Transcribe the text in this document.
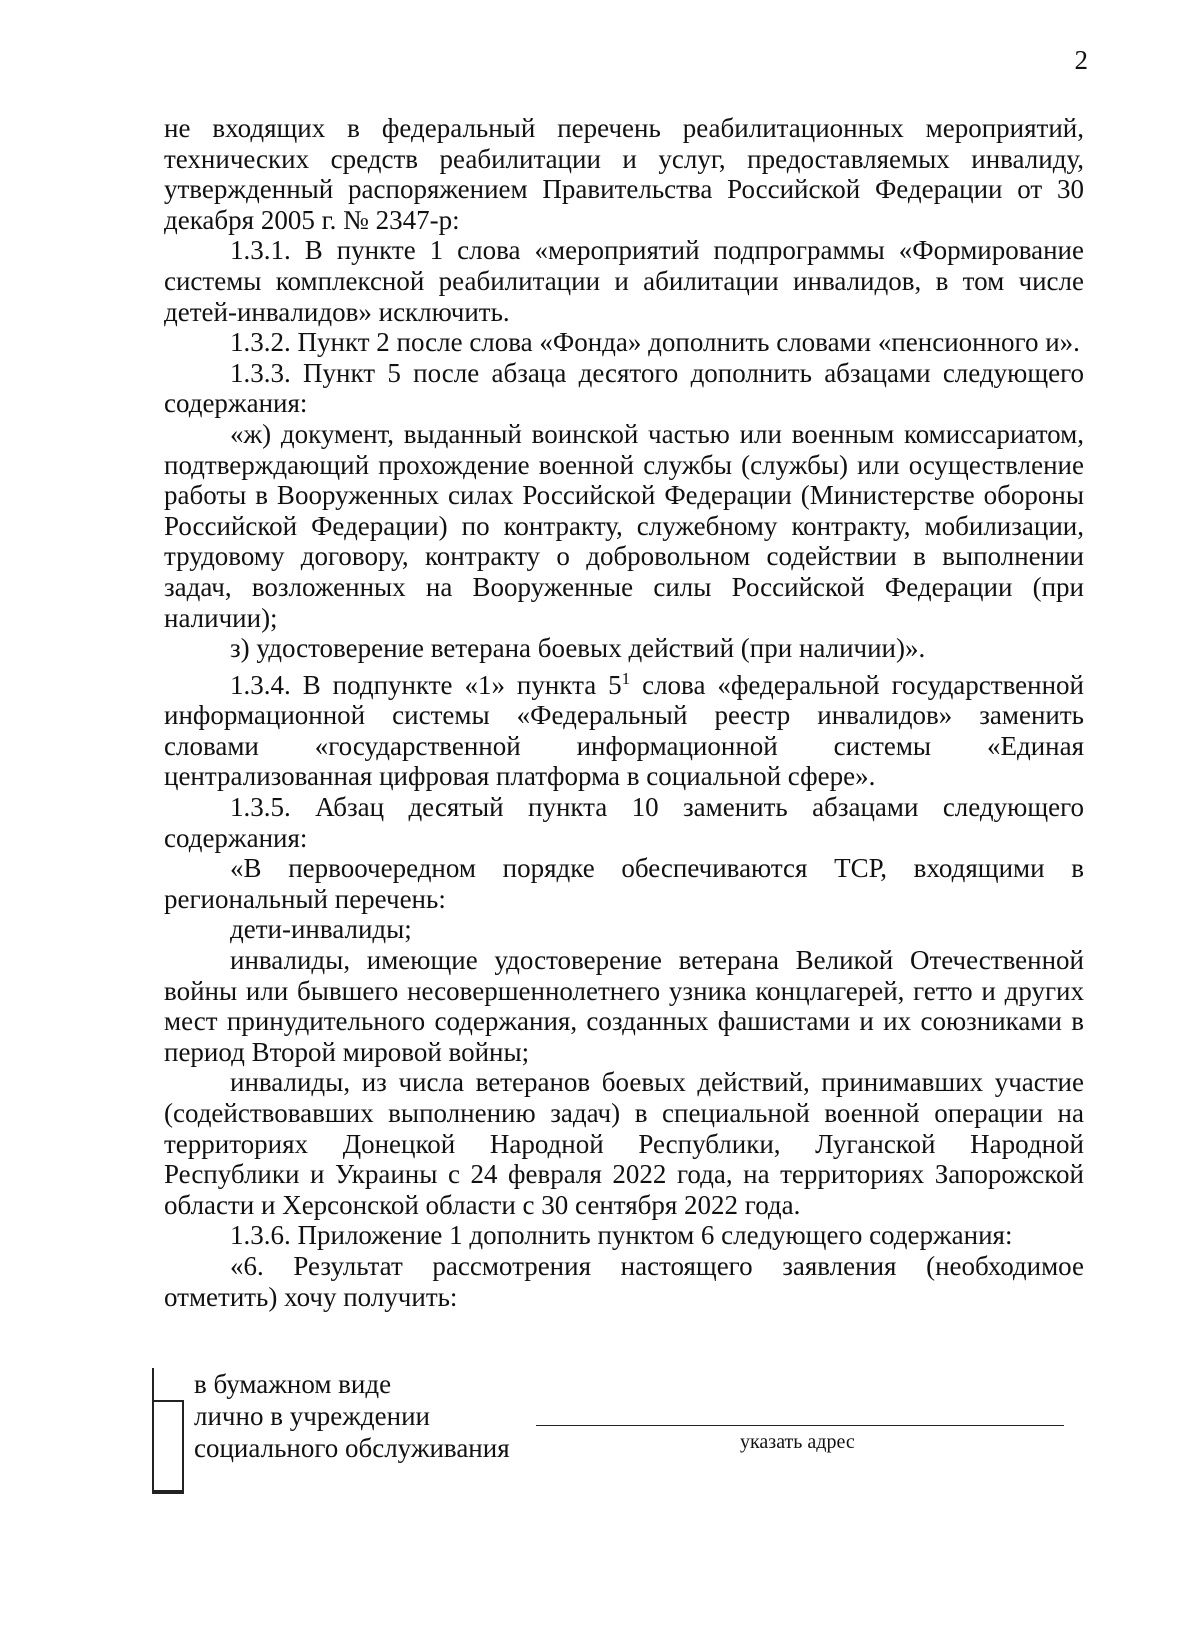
2

не входящих в федеральный перечень реабилитационных мероприятий, технических средств реабилитации и услуг, предоставляемых инвалиду, утвержденный распоряжением Правительства Российской Федерации от 30 декабря 2005 г. № 2347-р:

1.3.1. В пункте 1 слова «мероприятий подпрограммы «Формирование системы комплексной реабилитации и абилитации инвалидов, в том числе детей-инвалидов» исключить.

1.3.2. Пункт 2 после слова «Фонда» дополнить словами «пенсионного и».

1.3.3. Пункт 5 после абзаца десятого дополнить абзацами следующего содержания:

«ж) документ, выданный воинской частью или военным комиссариатом, подтверждающий прохождение военной службы (службы) или осуществление работы в Вооруженных силах Российской Федерации (Министерстве обороны Российской Федерации) по контракту, служебному контракту, мобилизации, трудовому договору, контракту о добровольном содействии в выполнении задач, возложенных на Вооруженные силы Российской Федерации (при наличии);

з) удостоверение ветерана боевых действий (при наличии)».

1.3.4. В подпункте «1» пункта $5^1$ слова «федеральной государственной информационной системы «Федеральный реестр инвалидов» заменить словами «государственной информационной системы «Единая централизованная цифровая платформа в социальной сфере».

1.3.5. Абзац десятый пункта 10 заменить абзацами следующего содержания:

«В первоочередном порядке обеспечиваются ТСР, входящими в региональный перечень:

дети-инвалиды;

инвалиды, имеющие удостоверение ветерана Великой Отечественной войны или бывшего несовершеннолетнего узника концлагерей, гетто и других мест принудительного содержания, созданных фашистами и их союзниками в период Второй мировой войны;

инвалиды, из числа ветеранов боевых действий, принимавших участие (содействовавших выполнению задач) в специальной военной операции на территориях Донецкой Народной Республики, Луганской Народной Республики и Украины с 24 февраля 2022 года, на территориях Запорожской области и Херсонской области с 30 сентября 2022 года.

1.3.6. Приложение 1 дополнить пунктом 6 следующего содержания:

«6. Результат рассмотрения настоящего заявления (необходимое отметить) хочу получить:

в бумажном виде
лично в учреждении
социального обслуживания	указать адрес
